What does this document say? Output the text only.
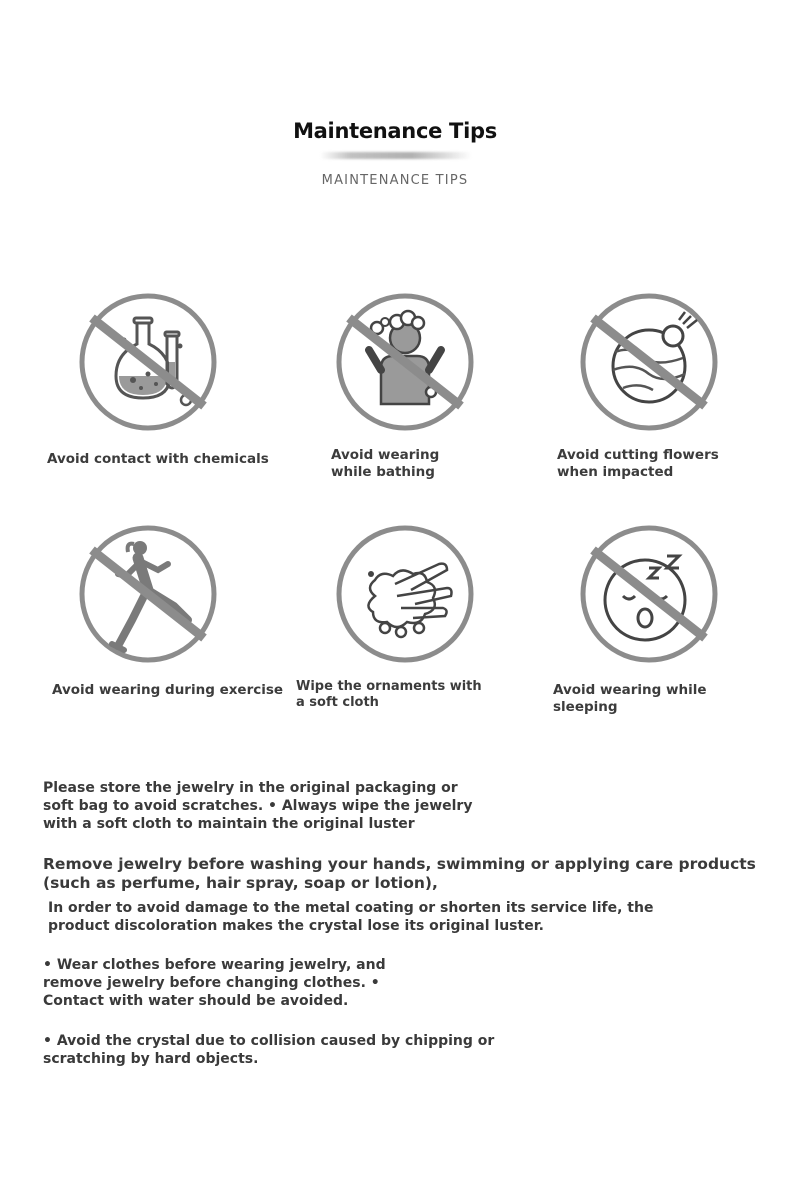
Maintenance Tips
MAINTENANCE TIPS
Avoid contact with chemicals	Avoid wearing while bathing
Avoid cutting flowers when impacted
Avoid wearing during exercise Wipe the ornaments with a soft cloth
Avoid wearing while sleeping
Please store the jewelry in the original packaging or soft bag to avoid scratches. • Always wipe the jewelry with a soft cloth to maintain the original luster
Remove jewelry before washing your hands, swimming or applying care products (such as perfume, hair spray, soap or lotion),
In order to avoid damage to the metal coating or shorten its service life, the product discoloration makes the crystal lose its original luster.
• Wear clothes before wearing jewelry, and remove jewelry before changing clothes. • Contact with water should be avoided.
• Avoid the crystal due to collision caused by chipping or scratching by hard objects.
